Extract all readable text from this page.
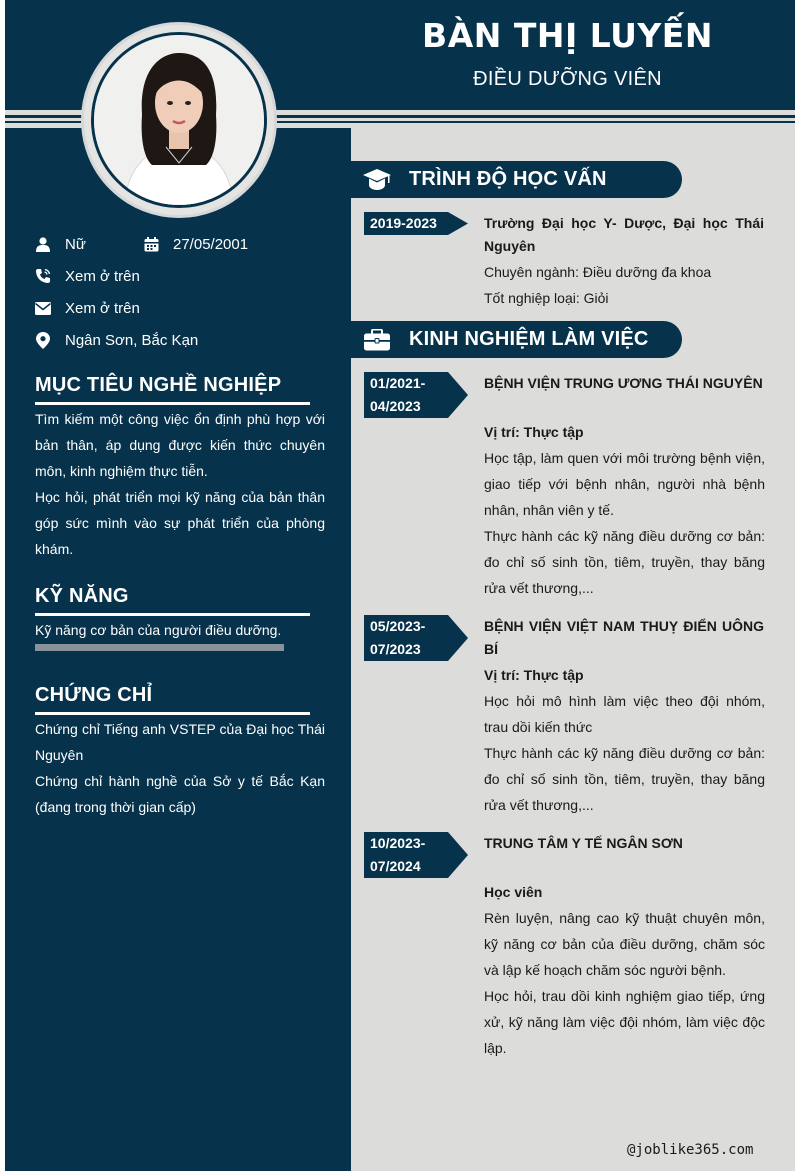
BÀN THỊ LUYẾN
ĐIỀU DƯỠNG VIÊN
Nữ	27/05/2001
Xem ở trên
Xem ở trên
Ngân Sơn, Bắc Kạn
MỤC TIÊU NGHỀ NGHIỆP

Tìm kiếm một công việc ổn định phù hợp với bản thân, áp dụng được kiến thức chuyên môn, kinh nghiệm thực tiễn.

Học hỏi, phát triển mọi kỹ năng của bản thân góp sức mình vào sự phát triển của phòng khám.

KỸ NĂNG
Kỹ năng cơ bản của người điều dưỡng.
CHỨNG CHỈ

Chứng chỉ Tiếng anh VSTEP của Đại học Thái Nguyên

Chứng chỉ hành nghề của Sở y tế Bắc Kạn (đang trong thời gian cấp)

TRÌNH ĐỘ HỌC VẤN
2019-2023	Trường Đại học Y- Dược, Đại học Thái Nguyên

Chuyên ngành: Điều dưỡng đa khoa

Tốt nghiệp loại: Giỏi

KINH NGHIỆM LÀM VIỆC
01/2021-
04/2023
BỆNH VIỆN TRUNG ƯƠNG THÁI NGUYÊN

Vị trí: Thực tập

Học tập, làm quen với môi trường bệnh viện, giao tiếp với bệnh nhân, người nhà bệnh nhân, nhân viên y tế.

Thực hành các kỹ năng điều dưỡng cơ bản: đo chỉ số sinh tồn, tiêm, truyền, thay băng rửa vết thương,...

05/2023-
07/2023
BỆNH VIỆN VIỆT NAM THUỴ ĐIỂN UÔNG BÍ

Vị trí: Thực tập

Học hỏi mô hình làm việc theo đội nhóm, trau dồi kiến thức

Thực hành các kỹ năng điều dưỡng cơ bản: đo chỉ số sinh tồn, tiêm, truyền, thay băng rửa vết thương,...

10/2023-
07/2024
TRUNG TÂM Y TẾ NGÂN SƠN

Học viên

Rèn luyện, nâng cao kỹ thuật chuyên môn, kỹ năng cơ bản của điều dưỡng, chăm sóc và lập kế hoạch chăm sóc người bệnh.

Học hỏi, trau dồi kinh nghiệm giao tiếp, ứng xử, kỹ năng làm việc đội nhóm, làm việc độc lập.

@joblike365.com
